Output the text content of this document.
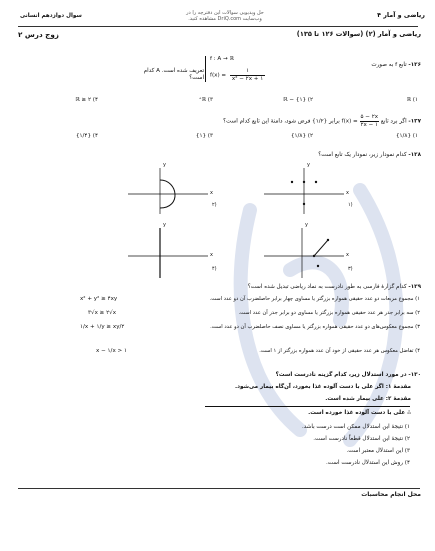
ریاضی و آمار ۴
حل ویدیویی سوالات این دفترچه را در
وب‌سایت DriQ.com مشاهده کنید.
سوال دوازدهم انسانی
ریاضی و آمار (۲) (سوالات ۱۲۶ تا ۱۳۵)
زوج درس ۲
۱۲۶- تابع f به صورت
f : A → ℝ
f(x) =
۱
x² − ۲x + ۱
تعریف شده است. A کدام است؟
۱) ℝ
۲) ℝ − {۱}
۳) ℝ⁺
۴) ℝ ≥ ۲
۱۲۷- اگر برد تابع $f(x) = \frac{۵ - ۲x}{۲x - ۱}$
برابر {۱/۲} فرض شود، دامنهٔ این تابع کدام است؟
۱) {۱/۸}
۲) {۱/۸}
۳) {۱}
۴) {۱/۴}
۱۲۸- کدام نمودار زیر، نمودار یک تابع است؟
x
y
۱)
x
y
۲)
x
y
۳)
x
y
۴)
۱۲۹- کدام گزارهٔ فارسی به طور نادرست به نماد ریاضی تبدیل شده است؟
۱) مجموع مربعات دو عدد حقیقی همواره بزرگتر یا مساوی چهار برابر حاصلضرب آن دو عدد است.
x² + y² ≥ ۴xy
۲) سه برابر جذر هر عدد حقیقی همواره بزرگتر یا مساوی دو برابر جذر آن عدد است.
۳√x ≥ ۲√x
۳) مجموع معکوس‌های دو عدد حقیقی همواره بزرگتر یا مساوی نصف حاصلضرب آن دو عدد است.
۱/x + ۱/y ≥ xy/۲
۴) تفاضل معکوس هر عدد حقیقی از خود آن عدد همواره بزرگتر از ۱ است.
x − ۱/x > ۱
۱۳۰- در مورد استدلال زیر، کدام گزینه نادرست است؟
مقدمهٔ ۱: اگر علی با دست آلوده غذا بخورد، آن‌گاه بیمار می‌شود.
مقدمهٔ ۲: علی بیمار شده است.
∴ علی با دست آلوده غذا خورده است.
۱) نتیجهٔ این استدلال ممکن است درست باشد.
۲) نتیجهٔ این استدلال قطعاً نادرست است.
۳) این استدلال معتبر است.
۴) روش این استدلال نادرست است.
محل انجام محاسبات
